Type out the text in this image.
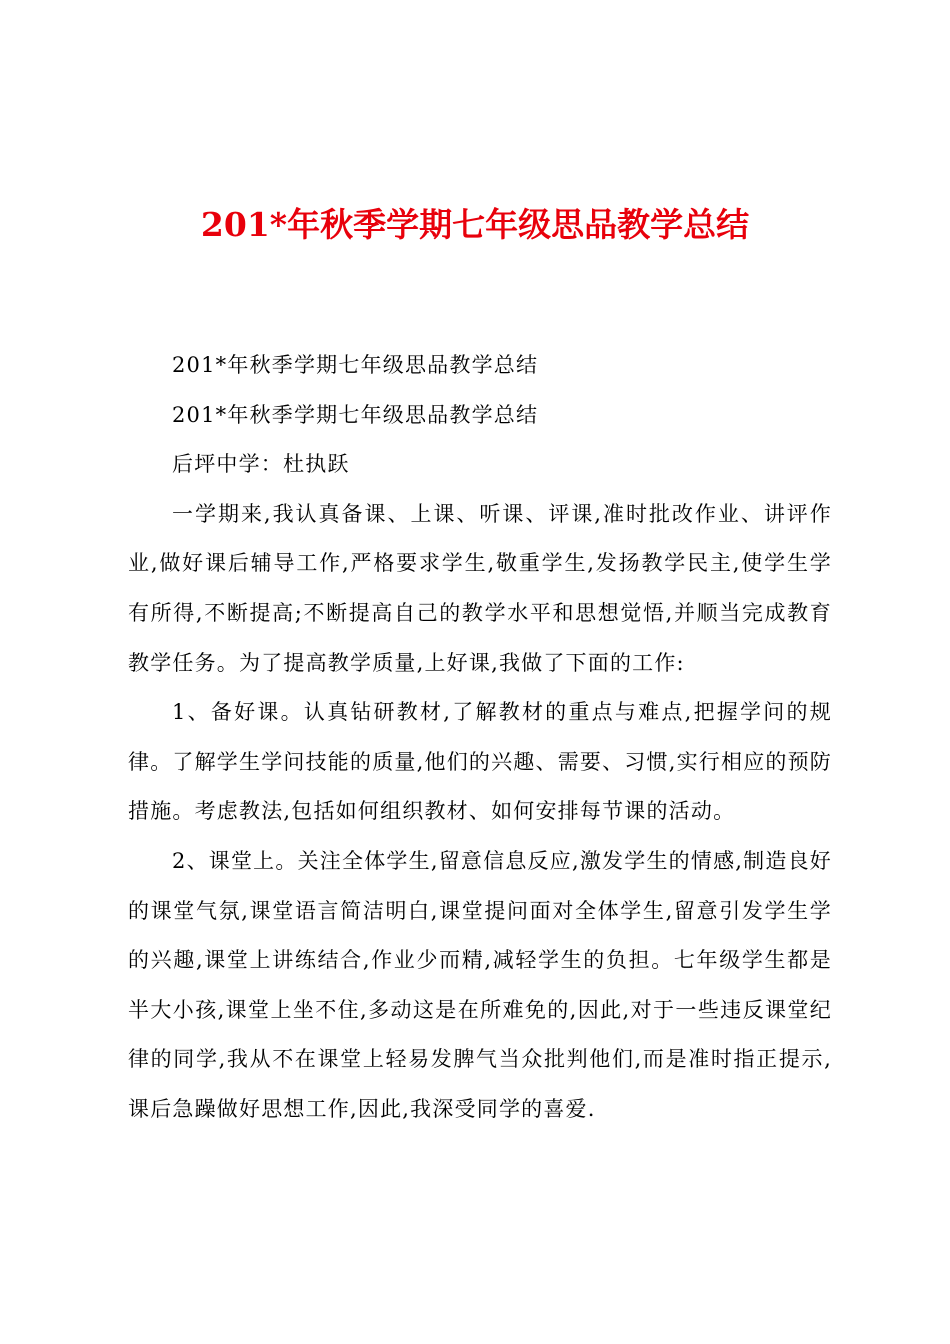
201*年秋季学期七年级思品教学总结

201*年秋季学期七年级思品教学总结

201*年秋季学期七年级思品教学总结

后坪中学：杜执跃

一学期来,我认真备课、上课、听课、评课,准时批改作业、讲评作业,做好课后辅导工作,严格要求学生,敬重学生,发扬教学民主,使学生学有所得,不断提高;不断提高自己的教学水平和思想觉悟,并顺当完成教育教学任务。为了提高教学质量,上好课,我做了下面的工作:

1、备好课。认真钻研教材,了解教材的重点与难点,把握学问的规律。了解学生学问技能的质量,他们的兴趣、需要、习惯,实行相应的预防措施。考虑教法,包括如何组织教材、如何安排每节课的活动。

2、课堂上。关注全体学生,留意信息反应,激发学生的情感,制造良好的课堂气氛,课堂语言简洁明白,课堂提问面对全体学生,留意引发学生学的兴趣,课堂上讲练结合,作业少而精,减轻学生的负担。七年级学生都是半大小孩,课堂上坐不住,多动这是在所难免的,因此,对于一些违反课堂纪律的同学,我从不在课堂上轻易发脾气当众批判他们,而是准时指正提示,课后急躁做好思想工作,因此,我深受同学的喜爱.
